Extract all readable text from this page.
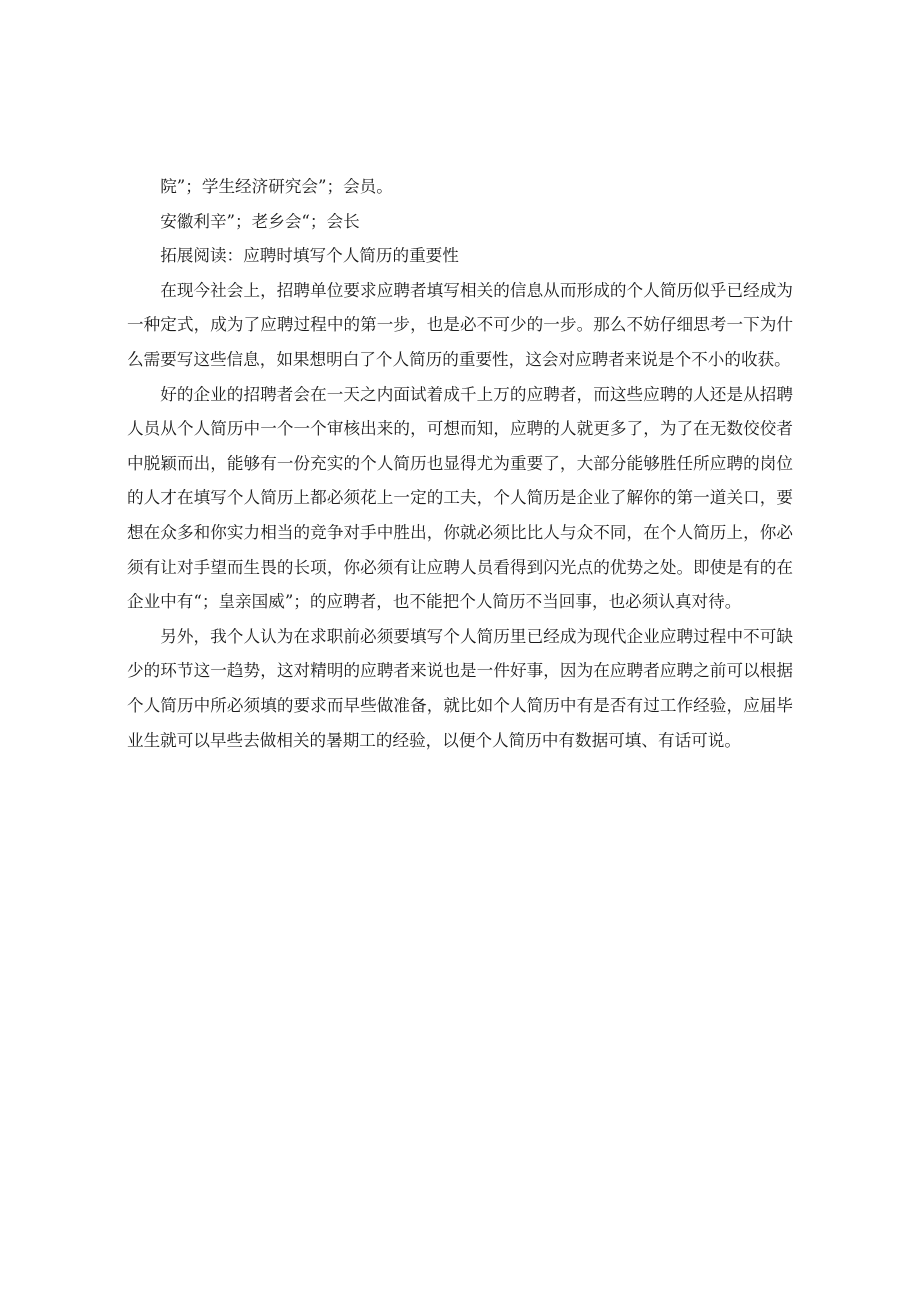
院”；学生经济研究会”；会员。

安徽利辛”；老乡会“；会长

拓展阅读：应聘时填写个人简历的重要性

在现今社会上，招聘单位要求应聘者填写相关的信息从而形成的个人简历似乎已经成为一种定式，成为了应聘过程中的第一步，也是必不可少的一步。那么不妨仔细思考一下为什么需要写这些信息，如果想明白了个人简历的重要性，这会对应聘者来说是个不小的收获。

好的企业的招聘者会在一天之内面试着成千上万的应聘者，而这些应聘的人还是从招聘人员从个人简历中一个一个审核出来的，可想而知，应聘的人就更多了，为了在无数佼佼者中脱颖而出，能够有一份充实的个人简历也显得尤为重要了，大部分能够胜任所应聘的岗位的人才在填写个人简历上都必须花上一定的工夫，个人简历是企业了解你的第一道关口，要想在众多和你实力相当的竞争对手中胜出，你就必须比比人与众不同，在个人简历上，你必须有让对手望而生畏的长项，你必须有让应聘人员看得到闪光点的优势之处。即使是有的在企业中有“；皇亲国威”；的应聘者，也不能把个人简历不当回事，也必须认真对待。

另外，我个人认为在求职前必须要填写个人简历里已经成为现代企业应聘过程中不可缺少的环节这一趋势，这对精明的应聘者来说也是一件好事，因为在应聘者应聘之前可以根据个人简历中所必须填的要求而早些做准备，就比如个人简历中有是否有过工作经验，应届毕业生就可以早些去做相关的暑期工的经验，以便个人简历中有数据可填、有话可说。
